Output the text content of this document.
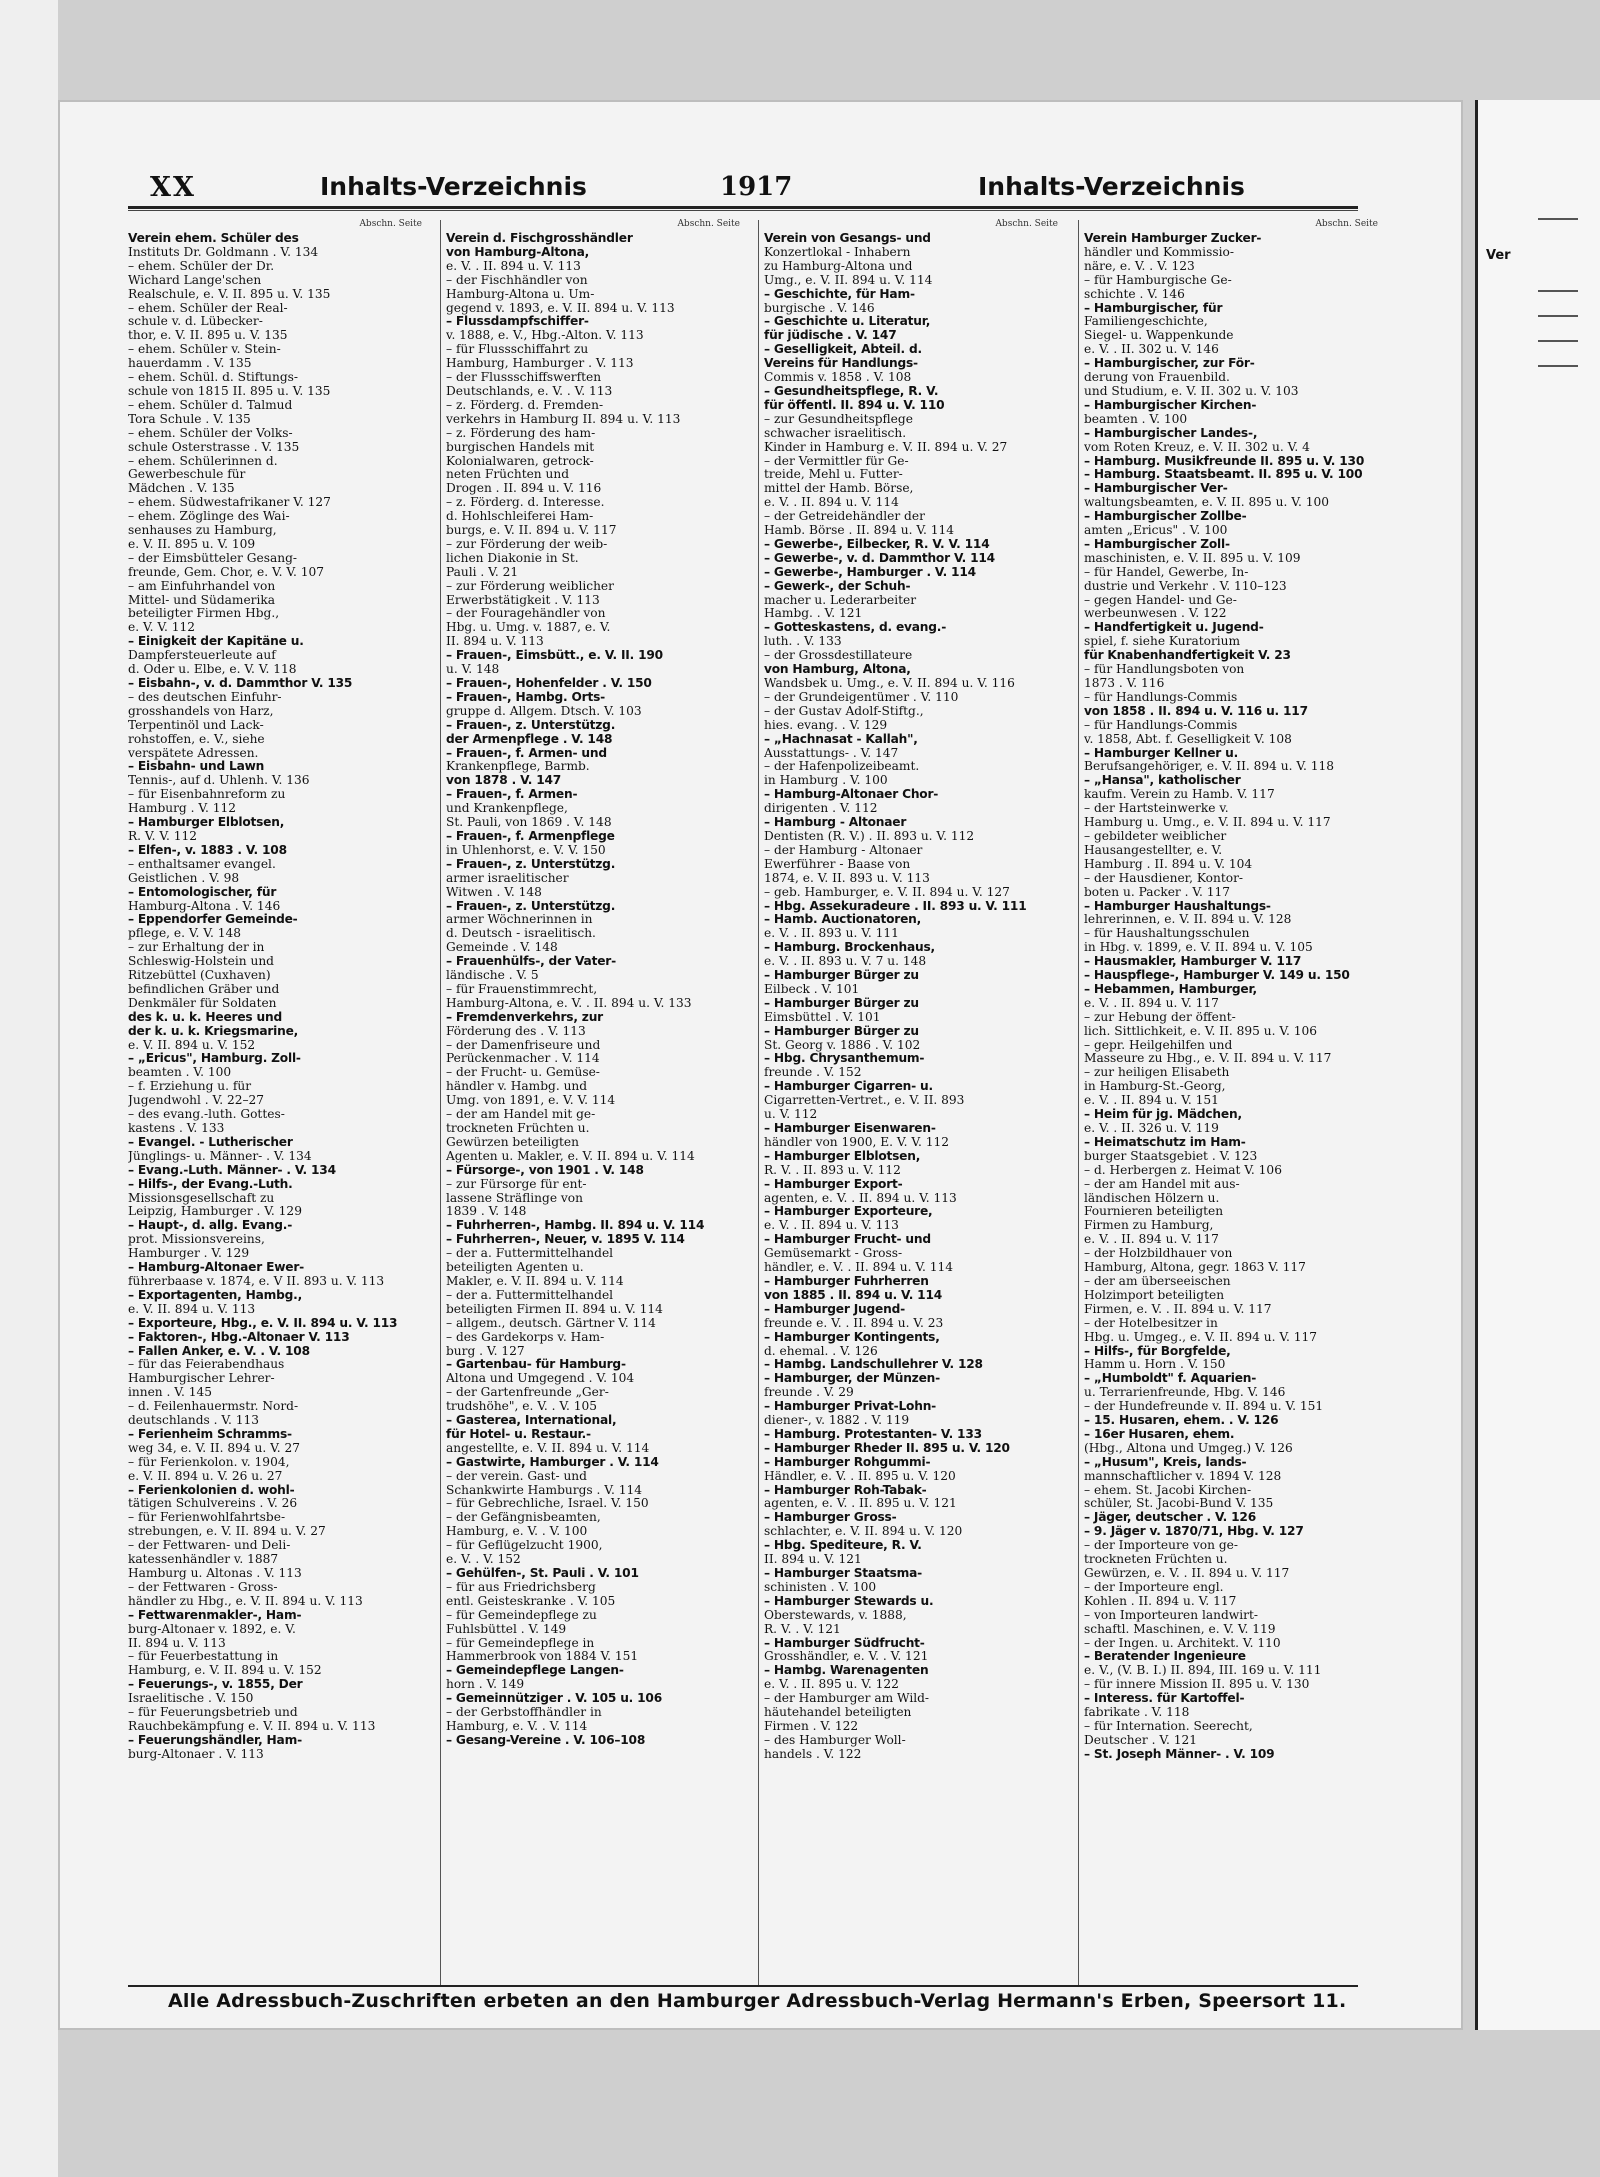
Ver
XX	Inhalts-Verzeichnis	1917	Inhalts-Verzeichnis
Abschn. Seite
Verein ehem. Schüler des
Instituts Dr. Goldmann . V. 134
– ehem. Schüler der Dr.
Wichard Lange'schen
Realschule, e. V. II. 895 u. V. 135
– ehem. Schüler der Real-
schule v. d. Lübecker-
thor, e. V. II. 895 u. V. 135
– ehem. Schüler v. Stein-
hauerdamm . V. 135
– ehem. Schül. d. Stiftungs-
schule von 1815 II. 895 u. V. 135
– ehem. Schüler d. Talmud
Tora Schule . V. 135
– ehem. Schüler der Volks-
schule Osterstrasse . V. 135
– ehem. Schülerinnen d.
Gewerbeschule für
Mädchen . V. 135
– ehem. Südwestafrikaner V. 127
– ehem. Zöglinge des Wai-
senhauses zu Hamburg,
e. V. II. 895 u. V. 109
– der Eimsbütteler Gesang-
freunde, Gem. Chor, e. V. V. 107
– am Einfuhrhandel von
Mittel- und Südamerika
beteiligter Firmen Hbg.,
e. V. V. 112
– Einigkeit der Kapitäne u.
Dampfersteuerleute auf
d. Oder u. Elbe, e. V. V. 118
– Eisbahn-, v. d. Dammthor V. 135
– des deutschen Einfuhr-
grosshandels von Harz,
Terpentinöl und Lack-
rohstoffen, e. V., siehe
verspätete Adressen.
– Eisbahn- und Lawn
Tennis-, auf d. Uhlenh. V. 136
– für Eisenbahnreform zu
Hamburg . V. 112
– Hamburger Elblotsen,
R. V. V. 112
– Elfen-, v. 1883 . V. 108
– enthaltsamer evangel.
Geistlichen . V. 98
– Entomologischer, für
Hamburg-Altona . V. 146
– Eppendorfer Gemeinde-
pflege, e. V. V. 148
– zur Erhaltung der in
Schleswig-Holstein und
Ritzebüttel (Cuxhaven)
befindlichen Gräber und
Denkmäler für Soldaten
des k. u. k. Heeres und
der k. u. k. Kriegsmarine,
e. V. II. 894 u. V. 152
– „Ericus", Hamburg. Zoll-
beamten . V. 100
– f. Erziehung u. für
Jugendwohl . V. 22–27
– des evang.-luth. Gottes-
kastens . V. 133
– Evangel. - Lutherischer
Jünglings- u. Männer- . V. 134
– Evang.-Luth. Männer- . V. 134
– Hilfs-, der Evang.-Luth.
Missionsgesellschaft zu
Leipzig, Hamburger . V. 129
– Haupt-, d. allg. Evang.-
prot. Missionsvereins,
Hamburger . V. 129
– Hamburg-Altonaer Ewer-
führerbaase v. 1874, e. V II. 893 u. V. 113
– Exportagenten, Hambg.,
e. V. II. 894 u. V. 113
– Exporteure, Hbg., e. V. II. 894 u. V. 113
– Faktoren-, Hbg.-Altonaer V. 113
– Fallen Anker, e. V. . V. 108
– für das Feierabendhaus
Hamburgischer Lehrer-
innen . V. 145
– d. Feilenhauermstr. Nord-
deutschlands . V. 113
– Ferienheim Schramms-
weg 34, e. V. II. 894 u. V. 27
– für Ferienkolon. v. 1904,
e. V. II. 894 u. V. 26 u. 27
– Ferienkolonien d. wohl-
tätigen Schulvereins . V. 26
– für Ferienwohlfahrtsbe-
strebungen, e. V. II. 894 u. V. 27
– der Fettwaren- und Deli-
katessenhändler v. 1887
Hamburg u. Altonas . V. 113
– der Fettwaren - Gross-
händler zu Hbg., e. V. II. 894 u. V. 113
– Fettwarenmakler-, Ham-
burg-Altonaer v. 1892, e. V.
II. 894 u. V. 113
– für Feuerbestattung in
Hamburg, e. V. II. 894 u. V. 152
– Feuerungs-, v. 1855, Der
Israelitische . V. 150
– für Feuerungsbetrieb und
Rauchbekämpfung e. V. II. 894 u. V. 113
– Feuerungshändler, Ham-
burg-Altonaer . V. 113
Abschn. Seite
Verein d. Fischgrosshändler
von Hamburg-Altona,
e. V. . II. 894 u. V. 113
– der Fischhändler von
Hamburg-Altona u. Um-
gegend v. 1893, e. V. II. 894 u. V. 113
– Flussdampfschiffer-
v. 1888, e. V., Hbg.-Alton. V. 113
– für Flussschiffahrt zu
Hamburg, Hamburger . V. 113
– der Flussschiffswerften
Deutschlands, e. V. . V. 113
– z. Förderg. d. Fremden-
verkehrs in Hamburg II. 894 u. V. 113
– z. Förderung des ham-
burgischen Handels mit
Kolonialwaren, getrock-
neten Früchten und
Drogen . II. 894 u. V. 116
– z. Förderg. d. Interesse.
d. Hohlschleiferei Ham-
burgs, e. V. II. 894 u. V. 117
– zur Förderung der weib-
lichen Diakonie in St.
Pauli . V. 21
– zur Förderung weiblicher
Erwerbstätigkeit . V. 113
– der Fouragehändler von
Hbg. u. Umg. v. 1887, e. V.
II. 894 u. V. 113
– Frauen-, Eimsbütt., e. V. II. 190
u. V. 148
– Frauen-, Hohenfelder . V. 150
– Frauen-, Hambg. Orts-
gruppe d. Allgem. Dtsch. V. 103
– Frauen-, z. Unterstützg.
der Armenpflege . V. 148
– Frauen-, f. Armen- und
Krankenpflege, Barmb.
von 1878 . V. 147
– Frauen-, f. Armen-
und Krankenpflege,
St. Pauli, von 1869 . V. 148
– Frauen-, f. Armenpflege
in Uhlenhorst, e. V. V. 150
– Frauen-, z. Unterstützg.
armer israelitischer
Witwen . V. 148
– Frauen-, z. Unterstützg.
armer Wöchnerinnen in
d. Deutsch - israelitisch.
Gemeinde . V. 148
– Frauenhülfs-, der Vater-
ländische . V. 5
– für Frauenstimmrecht,
Hamburg-Altona, e. V. . II. 894 u. V. 133
– Fremdenverkehrs, zur
Förderung des . V. 113
– der Damenfriseure und
Perückenmacher . V. 114
– der Frucht- u. Gemüse-
händler v. Hambg. und
Umg. von 1891, e. V. V. 114
– der am Handel mit ge-
trockneten Früchten u.
Gewürzen beteiligten
Agenten u. Makler, e. V. II. 894 u. V. 114
– Fürsorge-, von 1901 . V. 148
– zur Fürsorge für ent-
lassene Sträflinge von
1839 . V. 148
– Fuhrherren-, Hambg. II. 894 u. V. 114
– Fuhrherren-, Neuer, v. 1895 V. 114
– der a. Futtermittelhandel
beteiligten Agenten u.
Makler, e. V. II. 894 u. V. 114
– der a. Futtermittelhandel
beteiligten Firmen II. 894 u. V. 114
– allgem., deutsch. Gärtner V. 114
– des Gardekorps v. Ham-
burg . V. 127
– Gartenbau- für Hamburg-
Altona und Umgegend . V. 104
– der Gartenfreunde „Ger-
trudshöhe", e. V. . V. 105
– Gasterea, International,
für Hotel- u. Restaur.-
angestellte, e. V. II. 894 u. V. 114
– Gastwirte, Hamburger . V. 114
– der verein. Gast- und
Schankwirte Hamburgs . V. 114
– für Gebrechliche, Israel. V. 150
– der Gefängnisbeamten,
Hamburg, e. V. . V. 100
– für Geflügelzucht 1900,
e. V. . V. 152
– Gehülfen-, St. Pauli . V. 101
– für aus Friedrichsberg
entl. Geisteskranke . V. 105
– für Gemeindepflege zu
Fuhlsbüttel . V. 149
– für Gemeindepflege in
Hammerbrook von 1884 V. 151
– Gemeindepflege Langen-
horn . V. 149
– Gemeinnütziger . V. 105 u. 106
– der Gerbstoffhändler in
Hamburg, e. V. . V. 114
– Gesang-Vereine . V. 106–108
Abschn. Seite
Verein von Gesangs- und
Konzertlokal - Inhabern
zu Hamburg-Altona und
Umg., e. V. II. 894 u. V. 114
– Geschichte, für Ham-
burgische . V. 146
– Geschichte u. Literatur,
für jüdische . V. 147
– Geselligkeit, Abteil. d.
Vereins für Handlungs-
Commis v. 1858 . V. 108
– Gesundheitspflege, R. V.
für öffentl. II. 894 u. V. 110
– zur Gesundheitspflege
schwacher israelitisch.
Kinder in Hamburg e. V. II. 894 u. V. 27
– der Vermittler für Ge-
treide, Mehl u. Futter-
mittel der Hamb. Börse,
e. V. . II. 894 u. V. 114
– der Getreidehändler der
Hamb. Börse . II. 894 u. V. 114
– Gewerbe-, Eilbecker, R. V. V. 114
– Gewerbe-, v. d. Dammthor V. 114
– Gewerbe-, Hamburger . V. 114
– Gewerk-, der Schuh-
macher u. Lederarbeiter
Hambg. . V. 121
– Gotteskastens, d. evang.-
luth. . V. 133
– der Grossdestillateure
von Hamburg, Altona,
Wandsbek u. Umg., e. V. II. 894 u. V. 116
– der Grundeigentümer . V. 110
– der Gustav Adolf-Stiftg.,
hies. evang. . V. 129
– „Hachnasat - Kallah",
Ausstattungs- . V. 147
– der Hafenpolizeibeamt.
in Hamburg . V. 100
– Hamburg-Altonaer Chor-
dirigenten . V. 112
– Hamburg - Altonaer
Dentisten (R. V.) . II. 893 u. V. 112
– der Hamburg - Altonaer
Ewerführer - Baase von
1874, e. V. II. 893 u. V. 113
– geb. Hamburger, e. V. II. 894 u. V. 127
– Hbg. Assekuradeure . II. 893 u. V. 111
– Hamb. Auctionatoren,
e. V. . II. 893 u. V. 111
– Hamburg. Brockenhaus,
e. V. . II. 893 u. V. 7 u. 148
– Hamburger Bürger zu
Eilbeck . V. 101
– Hamburger Bürger zu
Eimsbüttel . V. 101
– Hamburger Bürger zu
St. Georg v. 1886 . V. 102
– Hbg. Chrysanthemum-
freunde . V. 152
– Hamburger Cigarren- u.
Cigarretten-Vertret., e. V. II. 893
u. V. 112
– Hamburger Eisenwaren-
händler von 1900, E. V. V. 112
– Hamburger Elblotsen,
R. V. . II. 893 u. V. 112
– Hamburger Export-
agenten, e. V. . II. 894 u. V. 113
– Hamburger Exporteure,
e. V. . II. 894 u. V. 113
– Hamburger Frucht- und
Gemüsemarkt - Gross-
händler, e. V. . II. 894 u. V. 114
– Hamburger Fuhrherren
von 1885 . II. 894 u. V. 114
– Hamburger Jugend-
freunde e. V. . II. 894 u. V. 23
– Hamburger Kontingents,
d. ehemal. . V. 126
– Hambg. Landschullehrer V. 128
– Hamburger, der Münzen-
freunde . V. 29
– Hamburger Privat-Lohn-
diener-, v. 1882 . V. 119
– Hamburg. Protestanten- V. 133
– Hamburger Rheder II. 895 u. V. 120
– Hamburger Rohgummi-
Händler, e. V. . II. 895 u. V. 120
– Hamburger Roh-Tabak-
agenten, e. V. . II. 895 u. V. 121
– Hamburger Gross-
schlachter, e. V. II. 894 u. V. 120
– Hbg. Spediteure, R. V.
II. 894 u. V. 121
– Hamburger Staatsma-
schinisten . V. 100
– Hamburger Stewards u.
Oberstewards, v. 1888,
R. V. . V. 121
– Hamburger Südfrucht-
Grosshändler, e. V. . V. 121
– Hambg. Warenagenten
e. V. . II. 895 u. V. 122
– der Hamburger am Wild-
häutehandel beteiligten
Firmen . V. 122
– des Hamburger Woll-
handels . V. 122
Abschn. Seite
Verein Hamburger Zucker-
händler und Kommissio-
näre, e. V. . V. 123
– für Hamburgische Ge-
schichte . V. 146
– Hamburgischer, für
Familiengeschichte,
Siegel- u. Wappenkunde
e. V. . II. 302 u. V. 146
– Hamburgischer, zur För-
derung von Frauenbild.
und Studium, e. V. II. 302 u. V. 103
– Hamburgischer Kirchen-
beamten . V. 100
– Hamburgischer Landes-,
vom Roten Kreuz, e. V. II. 302 u. V. 4
– Hamburg. Musikfreunde II. 895 u. V. 130
– Hamburg. Staatsbeamt. II. 895 u. V. 100
– Hamburgischer Ver-
waltungsbeamten, e. V. II. 895 u. V. 100
– Hamburgischer Zollbe-
amten „Ericus" . V. 100
– Hamburgischer Zoll-
maschinisten, e. V. II. 895 u. V. 109
– für Handel, Gewerbe, In-
dustrie und Verkehr . V. 110–123
– gegen Handel- und Ge-
werbeunwesen . V. 122
– Handfertigkeit u. Jugend-
spiel, f. siehe Kuratorium
für Knabenhandfertigkeit V. 23
– für Handlungsboten von
1873 . V. 116
– für Handlungs-Commis
von 1858 . II. 894 u. V. 116 u. 117
– für Handlungs-Commis
v. 1858, Abt. f. Geselligkeit V. 108
– Hamburger Kellner u.
Berufsangehöriger, e. V. II. 894 u. V. 118
– „Hansa", katholischer
kaufm. Verein zu Hamb. V. 117
– der Hartsteinwerke v.
Hamburg u. Umg., e. V. II. 894 u. V. 117
– gebildeter weiblicher
Hausangestellter, e. V.
Hamburg . II. 894 u. V. 104
– der Hausdiener, Kontor-
boten u. Packer . V. 117
– Hamburger Haushaltungs-
lehrerinnen, e. V. II. 894 u. V. 128
– für Haushaltungsschulen
in Hbg. v. 1899, e. V. II. 894 u. V. 105
– Hausmakler, Hamburger V. 117
– Hauspflege-, Hamburger V. 149 u. 150
– Hebammen, Hamburger,
e. V. . II. 894 u. V. 117
– zur Hebung der öffent-
lich. Sittlichkeit, e. V. II. 895 u. V. 106
– gepr. Heilgehilfen und
Masseure zu Hbg., e. V. II. 894 u. V. 117
– zur heiligen Elisabeth
in Hamburg-St.-Georg,
e. V. . II. 894 u. V. 151
– Heim für jg. Mädchen,
e. V. . II. 326 u. V. 119
– Heimatschutz im Ham-
burger Staatsgebiet . V. 123
– d. Herbergen z. Heimat V. 106
– der am Handel mit aus-
ländischen Hölzern u.
Fournieren beteiligten
Firmen zu Hamburg,
e. V. . II. 894 u. V. 117
– der Holzbildhauer von
Hamburg, Altona, gegr. 1863 V. 117
– der am überseeischen
Holzimport beteiligten
Firmen, e. V. . II. 894 u. V. 117
– der Hotelbesitzer in
Hbg. u. Umgeg., e. V. II. 894 u. V. 117
– Hilfs-, für Borgfelde,
Hamm u. Horn . V. 150
– „Humboldt" f. Aquarien-
u. Terrarienfreunde, Hbg. V. 146
– der Hundefreunde v. II. 894 u. V. 151
– 15. Husaren, ehem. . V. 126
– 16er Husaren, ehem.
(Hbg., Altona und Umgeg.) V. 126
– „Husum", Kreis, lands-
mannschaftlicher v. 1894 V. 128
– ehem. St. Jacobi Kirchen-
schüler, St. Jacobi-Bund V. 135
– Jäger, deutscher . V. 126
– 9. Jäger v. 1870/71, Hbg. V. 127
– der Importeure von ge-
trockneten Früchten u.
Gewürzen, e. V. . II. 894 u. V. 117
– der Importeure engl.
Kohlen . II. 894 u. V. 117
– von Importeuren landwirt-
schaftl. Maschinen, e. V. V. 119
– der Ingen. u. Architekt. V. 110
– Beratender Ingenieure
e. V., (V. B. I.) II. 894, III. 169 u. V. 111
– für innere Mission II. 895 u. V. 130
– Interess. für Kartoffel-
fabrikate . V. 118
– für Internation. Seerecht,
Deutscher . V. 121
– St. Joseph Männer- . V. 109
Alle Adressbuch-Zuschriften erbeten an den Hamburger Adressbuch-Verlag Hermann's Erben, Speersort 11.
